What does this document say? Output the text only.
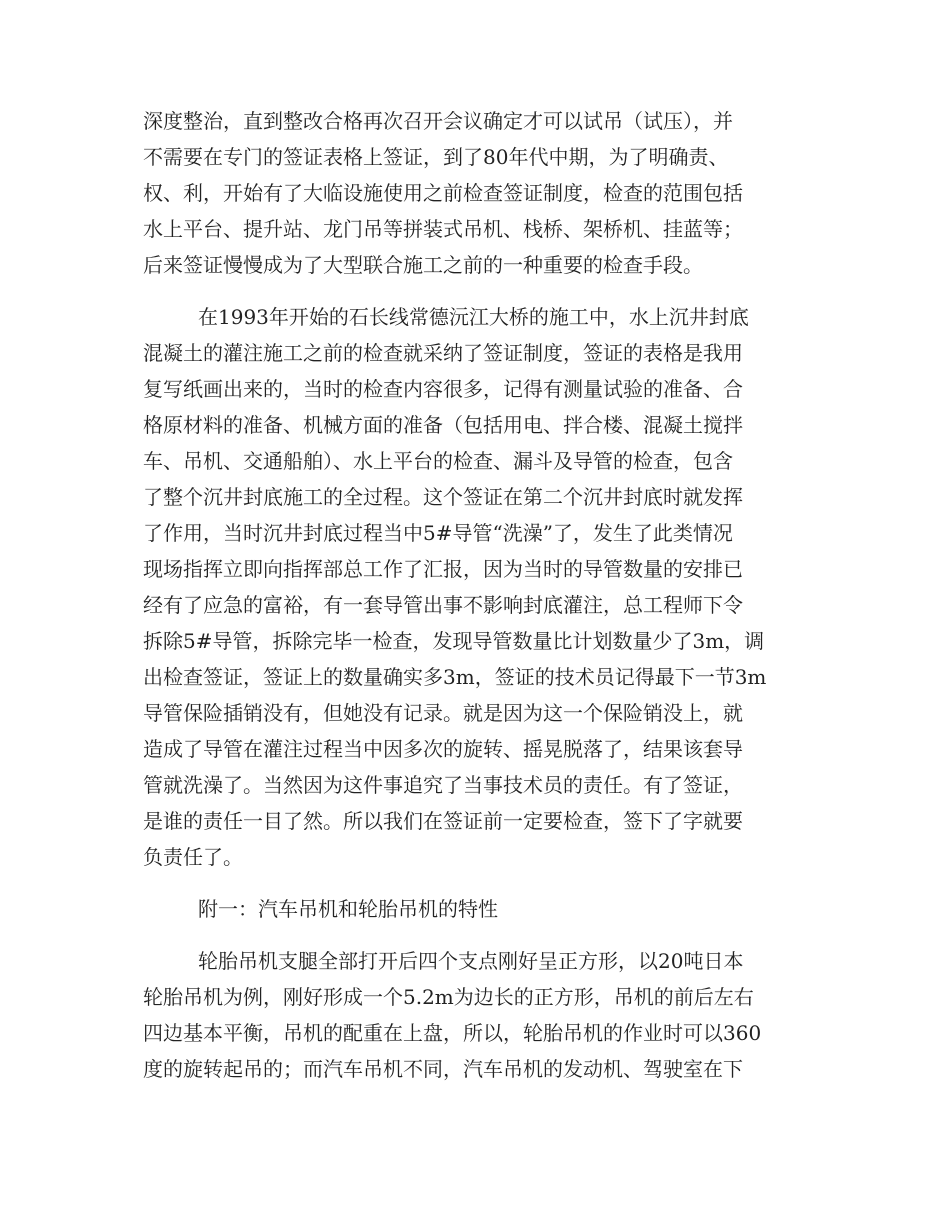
深度整治，直到整改合格再次召开会议确定才可以试吊（试压），并
不需要在专门的签证表格上签证，到了80年代中期，为了明确责、
权、利，开始有了大临设施使用之前检查签证制度，检查的范围包括
水上平台、提升站、龙门吊等拼装式吊机、栈桥、架桥机、挂蓝等；
后来签证慢慢成为了大型联合施工之前的一种重要的检查手段。
在1993年开始的石长线常德沅江大桥的施工中，水上沉井封底
混凝土的灌注施工之前的检查就采纳了签证制度，签证的表格是我用
复写纸画出来的，当时的检查内容很多，记得有测量试验的准备、合
格原材料的准备、机械方面的准备（包括用电、拌合楼、混凝土搅拌
车、吊机、交通船舶）、水上平台的检查、漏斗及导管的检查，包含
了整个沉井封底施工的全过程。这个签证在第二个沉井封底时就发挥
了作用，当时沉井封底过程当中5#导管“洗澡”了，发生了此类情况
现场指挥立即向指挥部总工作了汇报，因为当时的导管数量的安排已
经有了应急的富裕，有一套导管出事不影响封底灌注，总工程师下令
拆除5#导管，拆除完毕一检查，发现导管数量比计划数量少了3m，调
出检查签证，签证上的数量确实多3m，签证的技术员记得最下一节3m
导管保险插销没有，但她没有记录。就是因为这一个保险销没上，就
造成了导管在灌注过程当中因多次的旋转、摇晃脱落了，结果该套导
管就洗澡了。当然因为这件事追究了当事技术员的责任。有了签证，
是谁的责任一目了然。所以我们在签证前一定要检查，签下了字就要
负责任了。
附一：汽车吊机和轮胎吊机的特性
轮胎吊机支腿全部打开后四个支点刚好呈正方形，以20吨日本
轮胎吊机为例，刚好形成一个5.2m为边长的正方形，吊机的前后左右
四边基本平衡，吊机的配重在上盘，所以，轮胎吊机的作业时可以360
度的旋转起吊的；而汽车吊机不同，汽车吊机的发动机、驾驶室在下
